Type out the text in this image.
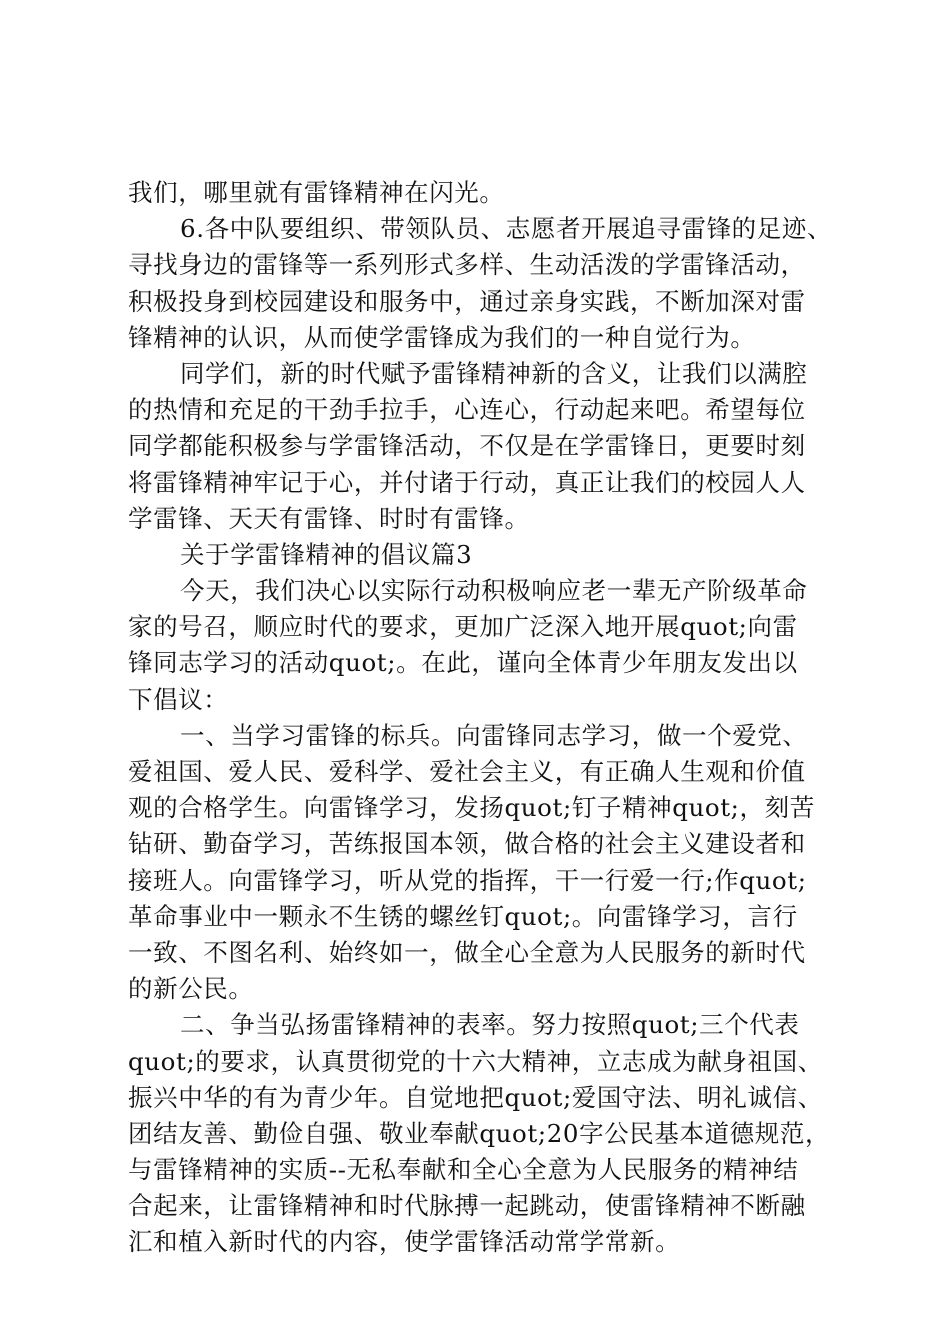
我们，哪里就有雷锋精神在闪光。
6.各中队要组织、带领队员、志愿者开展追寻雷锋的足迹、
寻找身边的雷锋等一系列形式多样、生动活泼的学雷锋活动，
积极投身到校园建设和服务中，通过亲身实践，不断加深对雷
锋精神的认识，从而使学雷锋成为我们的一种自觉行为。
同学们，新的时代赋予雷锋精神新的含义，让我们以满腔
的热情和充足的干劲手拉手，心连心，行动起来吧。希望每位
同学都能积极参与学雷锋活动，不仅是在学雷锋日，更要时刻
将雷锋精神牢记于心，并付诸于行动，真正让我们的校园人人
学雷锋、天天有雷锋、时时有雷锋。
关于学雷锋精神的倡议篇3
今天，我们决心以实际行动积极响应老一辈无产阶级革命
家的号召，顺应时代的要求，更加广泛深入地开展quot;向雷
锋同志学习的活动quot;。在此，谨向全体青少年朋友发出以
下倡议：
一、当学习雷锋的标兵。向雷锋同志学习，做一个爱党、
爱祖国、爱人民、爱科学、爱社会主义，有正确人生观和价值
观的合格学生。向雷锋学习，发扬quot;钉子精神quot;，刻苦
钻研、勤奋学习，苦练报国本领，做合格的社会主义建设者和
接班人。向雷锋学习，听从党的指挥，干一行爱一行;作quot;
革命事业中一颗永不生锈的螺丝钉quot;。向雷锋学习，言行
一致、不图名利、始终如一，做全心全意为人民服务的新时代
的新公民。
二、争当弘扬雷锋精神的表率。努力按照quot;三个代表
quot;的要求，认真贯彻党的十六大精神，立志成为献身祖国、
振兴中华的有为青少年。自觉地把quot;爱国守法、明礼诚信、
团结友善、勤俭自强、敬业奉献quot;20字公民基本道德规范，
与雷锋精神的实质--无私奉献和全心全意为人民服务的精神结
合起来，让雷锋精神和时代脉搏一起跳动，使雷锋精神不断融
汇和植入新时代的内容，使学雷锋活动常学常新。
